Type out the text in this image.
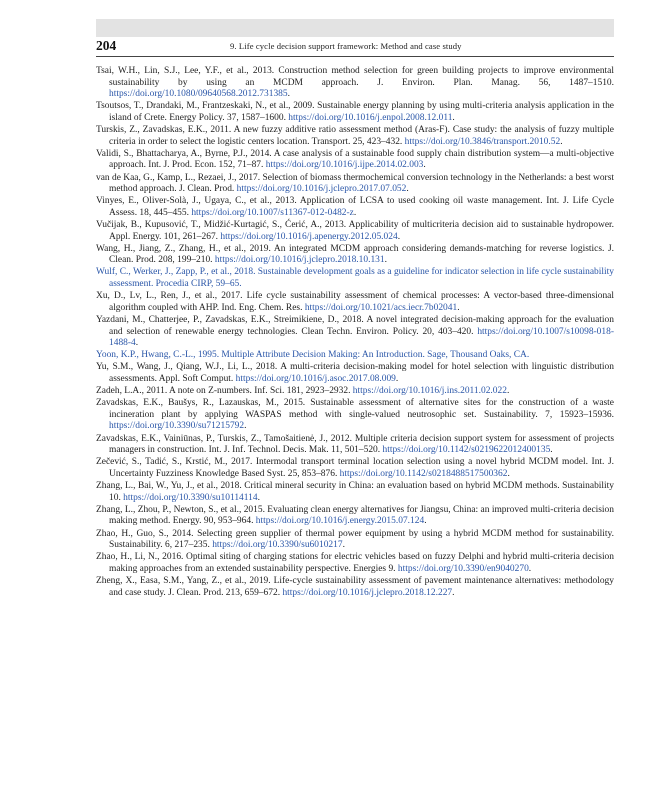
204	9. Life cycle decision support framework: Method and case study
Tsai, W.H., Lin, S.J., Lee, Y.F., et al., 2013. Construction method selection for green building projects to improve environmental sustainability by using an MCDM approach. J. Environ. Plan. Manag. 56, 1487–1510. https://doi.org/10.1080/09640568.2012.731385.
Tsoutsos, T., Drandaki, M., Frantzeskaki, N., et al., 2009. Sustainable energy planning by using multi-criteria analysis application in the island of Crete. Energy Policy. 37, 1587–1600. https://doi.org/10.1016/j.enpol.2008.12.011.
Turskis, Z., Zavadskas, E.K., 2011. A new fuzzy additive ratio assessment method (Aras-F). Case study: the analysis of fuzzy multiple criteria in order to select the logistic centers location. Transport. 25, 423–432. https://doi.org/10.3846/transport.2010.52.
Validi, S., Bhattacharya, A., Byrne, P.J., 2014. A case analysis of a sustainable food supply chain distribution system—a multi-objective approach. Int. J. Prod. Econ. 152, 71–87. https://doi.org/10.1016/j.ijpe.2014.02.003.
van de Kaa, G., Kamp, L., Rezaei, J., 2017. Selection of biomass thermochemical conversion technology in the Netherlands: a best worst method approach. J. Clean. Prod. https://doi.org/10.1016/j.jclepro.2017.07.052.
Vinyes, E., Oliver-Solà, J., Ugaya, C., et al., 2013. Application of LCSA to used cooking oil waste management. Int. J. Life Cycle Assess. 18, 445–455. https://doi.org/10.1007/s11367-012-0482-z.
Vučijak, B., Kupusović, T., Midžić-Kurtagić, S., Ćerić, A., 2013. Applicability of multicriteria decision aid to sustainable hydropower. Appl. Energy. 101, 261–267. https://doi.org/10.1016/j.apenergy.2012.05.024.
Wang, H., Jiang, Z., Zhang, H., et al., 2019. An integrated MCDM approach considering demands-matching for reverse logistics. J. Clean. Prod. 208, 199–210. https://doi.org/10.1016/j.jclepro.2018.10.131.
Wulf, C., Werker, J., Zapp, P., et al., 2018. Sustainable development goals as a guideline for indicator selection in life cycle sustainability assessment. Procedia CIRP, 59–65.
Xu, D., Lv, L., Ren, J., et al., 2017. Life cycle sustainability assessment of chemical processes: A vector-based three-dimensional algorithm coupled with AHP. Ind. Eng. Chem. Res. https://doi.org/10.1021/acs.iecr.7b02041.
Yazdani, M., Chatterjee, P., Zavadskas, E.K., Streimikiene, D., 2018. A novel integrated decision-making approach for the evaluation and selection of renewable energy technologies. Clean Techn. Environ. Policy. 20, 403–420. https://doi.org/10.1007/s10098-018-1488-4.
Yoon, K.P., Hwang, C.-L., 1995. Multiple Attribute Decision Making: An Introduction. Sage, Thousand Oaks, CA.
Yu, S.M., Wang, J., Qiang, W.J., Li, L., 2018. A multi-criteria decision-making model for hotel selection with linguistic distribution assessments. Appl. Soft Comput. https://doi.org/10.1016/j.asoc.2017.08.009.
Zadeh, L.A., 2011. A note on Z-numbers. Inf. Sci. 181, 2923–2932. https://doi.org/10.1016/j.ins.2011.02.022.
Zavadskas, E.K., Baušys, R., Lazauskas, M., 2015. Sustainable assessment of alternative sites for the construction of a waste incineration plant by applying WASPAS method with single-valued neutrosophic set. Sustainability. 7, 15923–15936. https://doi.org/10.3390/su71215792.
Zavadskas, E.K., Vainiūnas, P., Turskis, Z., Tamošaitienė, J., 2012. Multiple criteria decision support system for assessment of projects managers in construction. Int. J. Inf. Technol. Decis. Mak. 11, 501–520. https://doi.org/10.1142/s0219622012400135.
Zečević, S., Tadić, S., Krstić, M., 2017. Intermodal transport terminal location selection using a novel hybrid MCDM model. Int. J. Uncertainty Fuzziness Knowledge Based Syst. 25, 853–876. https://doi.org/10.1142/s0218488517500362.
Zhang, L., Bai, W., Yu, J., et al., 2018. Critical mineral security in China: an evaluation based on hybrid MCDM methods. Sustainability 10. https://doi.org/10.3390/su10114114.
Zhang, L., Zhou, P., Newton, S., et al., 2015. Evaluating clean energy alternatives for Jiangsu, China: an improved multi-criteria decision making method. Energy. 90, 953–964. https://doi.org/10.1016/j.energy.2015.07.124.
Zhao, H., Guo, S., 2014. Selecting green supplier of thermal power equipment by using a hybrid MCDM method for sustainability. Sustainability. 6, 217–235. https://doi.org/10.3390/su6010217.
Zhao, H., Li, N., 2016. Optimal siting of charging stations for electric vehicles based on fuzzy Delphi and hybrid multi-criteria decision making approaches from an extended sustainability perspective. Energies 9. https://doi.org/10.3390/en9040270.
Zheng, X., Easa, S.M., Yang, Z., et al., 2019. Life-cycle sustainability assessment of pavement maintenance alternatives: methodology and case study. J. Clean. Prod. 213, 659–672. https://doi.org/10.1016/j.jclepro.2018.12.227.
